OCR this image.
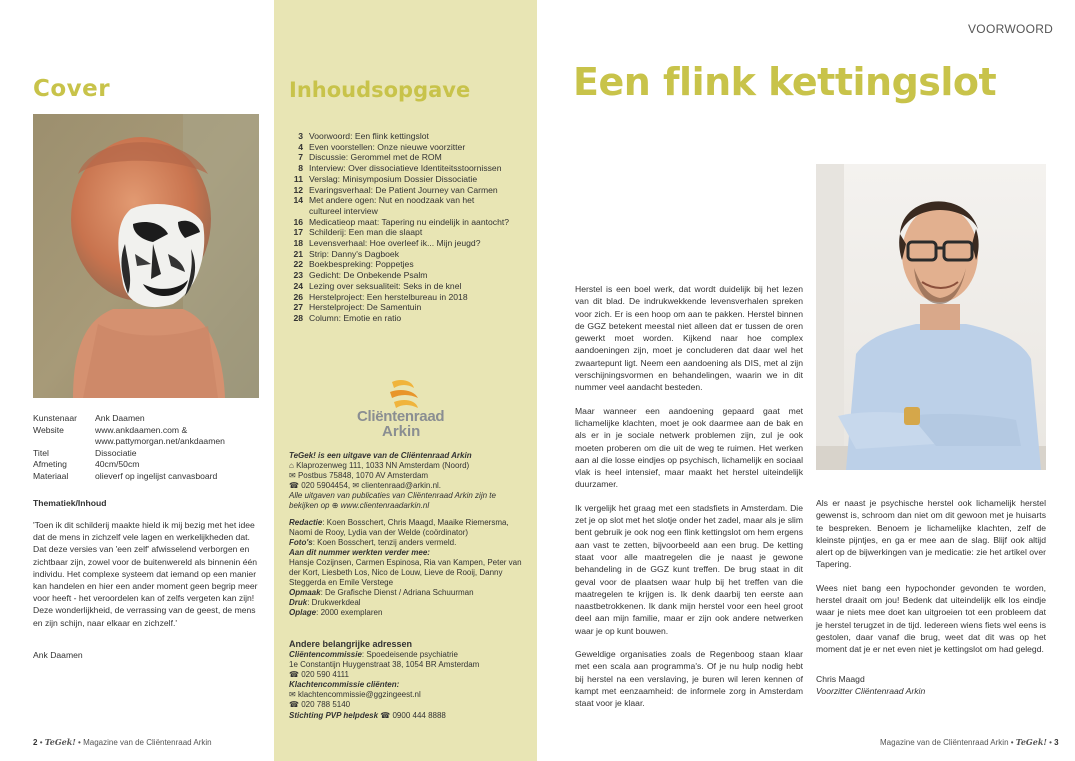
VOORWOORD
Cover
Kunstenaar	Ank Daamen
Website	www.ankdaamen.com &
www.pattymorgan.net/ankdaamen
Titel	Dissociatie
Afmeting	40cm/50cm
Materiaal	olieverf op ingelijst canvasboard
Thematiek/Inhoud
'Toen ik dit schilderij maakte hield ik mij bezig met het idee dat de mens in zichzelf vele lagen en werkelijkheden dat. Dat deze versies van 'een zelf' afwisselend verborgen en zichtbaar zijn, zowel voor de buitenwereld als binnenin één individu. Het complexe systeem dat iemand op een manier kan handelen en hier een ander moment geen begrip meer voor heeft - het veroordelen kan of zelfs vergeten kan zijn! Deze wonderlijkheid, de verrassing van de geest, de mens en zijn schijn, naar elkaar en zichzelf.'
Ank Daamen
Inhoudsopgave
3 Voorwoord: Een flink kettingslot
4 Even voorstellen: Onze nieuwe voorzitter
7 Discussie: Gerommel met de ROM
8 Interview: Over dissociatieve Identiteitsstoornissen
11 Verslag: Minisymposium Dossier Dissociatie
12 Evaringsverhaal: De Patient Journey van Carmen
14 Met andere ogen: Nut en noodzaak van het
cultureel interview
16 Medicatieop maat: Tapering nu eindelijk in aantocht?
17 Schilderij: Een man die slaapt
18 Levensverhaal: Hoe overleef ik... Mijn jeugd?
21 Strip: Danny's Dagboek
22 Boekbespreking: Poppetjes
23 Gedicht: De Onbekende Psalm
24 Lezing over seksualiteit: Seks in de knel
26 Herstelproject: Een herstelbureau in 2018
27 Herstelproject: De Samentuin
28 Column: Emotie en ratio
Cliëntenraad
Arkin
TeGek! is een uitgave van de Cliëntenraad Arkin
⌂ Klaprozenweg 111, 1033 NN Amsterdam (Noord)
✉ Postbus 75848, 1070 AV Amsterdam
☎ 020 5904454, ✉ clientenraad@arkin.nl.
Alle uitgaven van publicaties van Cliëntenraad Arkin zijn te bekijken op ⊕ www.clientenraadarkin.nl
Redactie: Koen Bosschert, Chris Maagd, Maaike Riemersma, Naomi de Rooy, Lydia van der Welde (coördinator)
Foto's: Koen Bosschert, tenzij anders vermeld.
Aan dit nummer werkten verder mee:
Hansje Cozijnsen, Carmen Espinosa, Ria van Kampen, Peter van der Kort, Liesbeth Los, Nico de Louw, Lieve de Rooij, Danny Steggerda en Emile Verstege
Opmaak: De Grafische Dienst / Adriana Schuurman
Druk: Drukwerkdeal
Oplage: 2000 exemplaren
Andere belangrijke adressen
Cliëntencommissie: Spoedeisende psychiatrie
1e Constantijn Huygenstraat 38, 1054 BR Amsterdam
☎ 020 590 4111
Klachtencommissie cliënten:
✉ klachtencommissie@ggzingeest.nl
☎ 020 788 5140
Stichting PVP helpdesk ☎ 0900 444 8888
Een flink kettingslot

Herstel is een boel werk, dat wordt duidelijk bij het lezen van dit blad. De indrukwekkende levensverhalen spreken voor zich. Er is een hoop om aan te pakken. Herstel binnen de GGZ betekent meestal niet alleen dat er tussen de oren gewerkt moet worden. Kijkend naar hoe complex aandoeningen zijn, moet je concluderen dat daar wel het zwaartepunt ligt. Neem een aandoening als DIS, met al zijn verschijningsvormen en behandelingen, waarin we in dit nummer veel aandacht besteden.

Maar wanneer een aandoening gepaard gaat met lichamelijke klachten, moet je ook daarmee aan de bak en als er in je sociale netwerk problemen zijn, zul je ook moeten proberen om die uit de weg te ruimen. Het werken aan al die losse eindjes op psychisch, lichamelijk en sociaal vlak is heel intensief, maar maakt het herstel uiteindelijk duurzamer.

Ik vergelijk het graag met een stadsfiets in Amsterdam. Die zet je op slot met het slotje onder het zadel, maar als je slim bent gebruik je ook nog een flink kettingslot om hem ergens aan vast te zetten, bijvoorbeeld aan een brug. De ketting staat voor alle maatregelen die je naast je gewone behandeling in de GGZ kunt treffen. De brug staat in dit geval voor de plaatsen waar hulp bij het treffen van die maatregelen te krijgen is. Ik denk daarbij ten eerste aan naastbetrokkenen. Ik dank mijn herstel voor een heel groot deel aan mijn familie, maar er zijn ook andere netwerken waar je op kunt bouwen.

Geweldige organisaties zoals de Regenboog staan klaar met een scala aan programma's. Of je nu hulp nodig hebt bij herstel na een verslaving, je buren wil leren kennen of kampt met eenzaamheid: de informele zorg in Amsterdam staat voor je klaar.

Als er naast je psychische herstel ook lichamelijk herstel gewenst is, schroom dan niet om dit gewoon met je huisarts te bespreken. Benoem je lichamelijke klachten, zelf de kleinste pijntjes, en ga er mee aan de slag. Blijf ook altijd alert op de bijwerkingen van je medicatie: zie het artikel over Tapering.

Wees niet bang een hypochonder gevonden te worden, herstel draait om jou! Bedenk dat uiteindelijk elk los eindje waar je niets mee doet kan uitgroeien tot een probleem dat je herstel terugzet in de tijd. Iedereen wiens fiets wel eens is gestolen, daar vanaf die brug, weet dat dit was op het moment dat je er net even niet je kettingslot om had gelegd.

Chris Maagd
Voorzitter Cliëntenraad Arkin
2 • TeGek! • Magazine van de Cliëntenraad Arkin	Magazine van de Cliëntenraad Arkin • TeGek! • 3
